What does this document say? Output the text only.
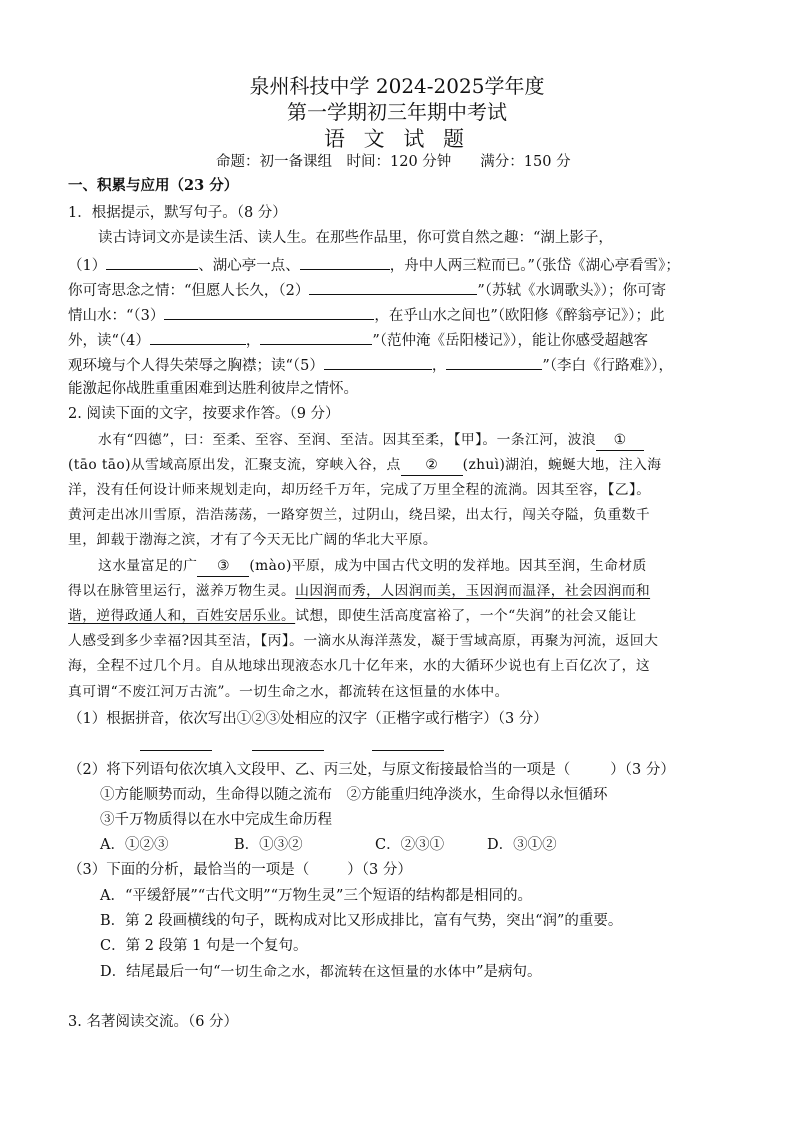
泉州科技中学 2024-2025学年度
第一学期初三年期中考试
语 文 试 题
命题：初一备课组　时间：120 分钟　　满分：150 分
一、积累与应用（23 分）
1．根据提示，默写句子。（8 分）
读古诗词文亦是读生活、读人生。在那些作品里，你可赏自然之趣：“湖上影子，
（1）	、湖心亭一点、	，舟中人两三粒而已。”（张岱《湖心亭看雪》；
你可寄思念之情：“但愿人长久，（2）	”（苏轼《水调歌头》）；你可寄
情山水：“（3）	，在乎山水之间也”（欧阳修《醉翁亭记》）；此
外，读“（4）	，	”（范仲淹《岳阳楼记》），能让你感受超越客
观环境与个人得失荣辱之胸襟；读“（5）	，	”（李白《行路难》），
能激起你战胜重重困难到达胜利彼岸之情怀。
2. 阅读下面的文字，按要求作答。（9 分）
水有“四德”，曰：至柔、至容、至润、至洁。因其至柔，【甲】。一条江河，波浪 ①
(tāo tāo)从雪域高原出发，汇聚支流，穿峡入谷，点 ② (zhuì)湖泊，蜿蜒大地，注入海
洋，没有任何设计师来规划走向，却历经千万年，完成了万里全程的流淌。因其至容，【乙】。
黄河走出冰川雪原，浩浩荡荡，一路穿贺兰，过阴山，绕吕梁，出太行，闯关夺隘，负重数千
里，卸载于渤海之滨，才有了今天无比广阔的华北大平原。
这水量富足的广 ③ (mào)平原，成为中国古代文明的发祥地。因其至润，生命材质
得以在脉管里运行，滋养万物生灵。山因润而秀，人因润而美，玉因润而温泽，社会因润而和
谐，逆得政通人和，百姓安居乐业。试想，即使生活高度富裕了，一个“失润”的社会又能让
人感受到多少幸福?因其至洁，【丙】。一滴水从海洋蒸发，凝于雪域高原，再聚为河流，返回大
海，全程不过几个月。自从地球出现液态水几十亿年来，水的大循环少说也有上百亿次了，这
真可谓“不废江河万古流”。一切生命之水，都流转在这恒量的水体中。
（1）根据拼音，依次写出①②③处相应的汉字（正楷字或行楷字）（3 分）
（2）将下列语句依次填入文段甲、乙、丙三处，与原文衔接最恰当的一项是（	）（3 分）
①方能顺势而动，生命得以随之流布　②方能重归纯净淡水，生命得以永恒循环
③千万物质得以在水中完成生命历程
A．①②③	B．①③②	C．②③①	D．③①②
（3）下面的分析，最恰当的一项是（	）（3 分）
A．“平缓舒展”“古代文明”“万物生灵”三个短语的结构都是相同的。
B．第 2 段画横线的句子，既构成对比又形成排比，富有气势，突出“润”的重要。
C．第 2 段第 1 句是一个复句。
D．结尾最后一句“一切生命之水，都流转在这恒量的水体中”是病句。
3. 名著阅读交流。（6 分）
